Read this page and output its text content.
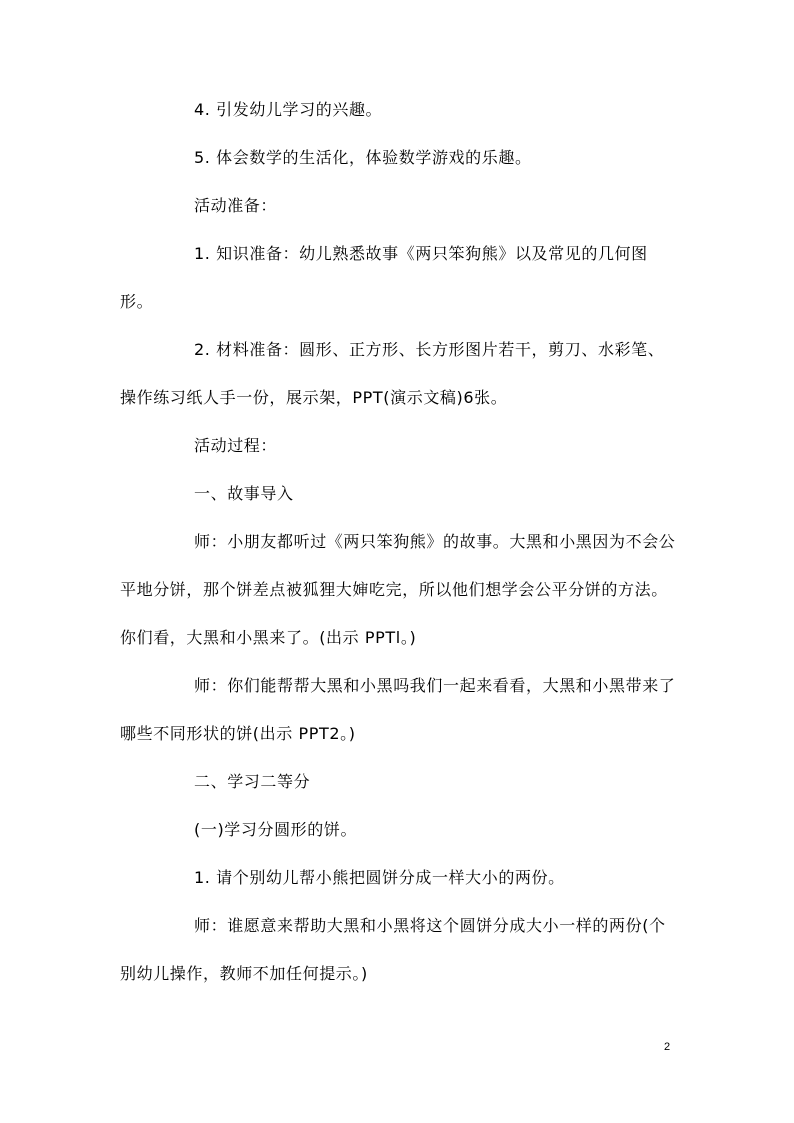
4. 引发幼儿学习的兴趣。

5. 体会数学的生活化，体验数学游戏的乐趣。

活动准备：

1. 知识准备：幼儿熟悉故事《两只笨狗熊》以及常见的几何图形。

2. 材料准备：圆形、正方形、长方形图片若干，剪刀、水彩笔、操作练习纸人手一份，展示架，PPT(演示文稿)6张。

活动过程：

一、故事导入

师：小朋友都听过《两只笨狗熊》的故事。大黑和小黑因为不会公平地分饼，那个饼差点被狐狸大婶吃完，所以他们想学会公平分饼的方法。你们看，大黑和小黑来了。(出示 PPTl。)

师：你们能帮帮大黑和小黑吗我们一起来看看，大黑和小黑带来了哪些不同形状的饼(出示 PPT2。)

二、学习二等分

(一)学习分圆形的饼。

1. 请个别幼儿帮小熊把圆饼分成一样大小的两份。

师：谁愿意来帮助大黑和小黑将这个圆饼分成大小一样的两份(个别幼儿操作，教师不加任何提示。)

2
